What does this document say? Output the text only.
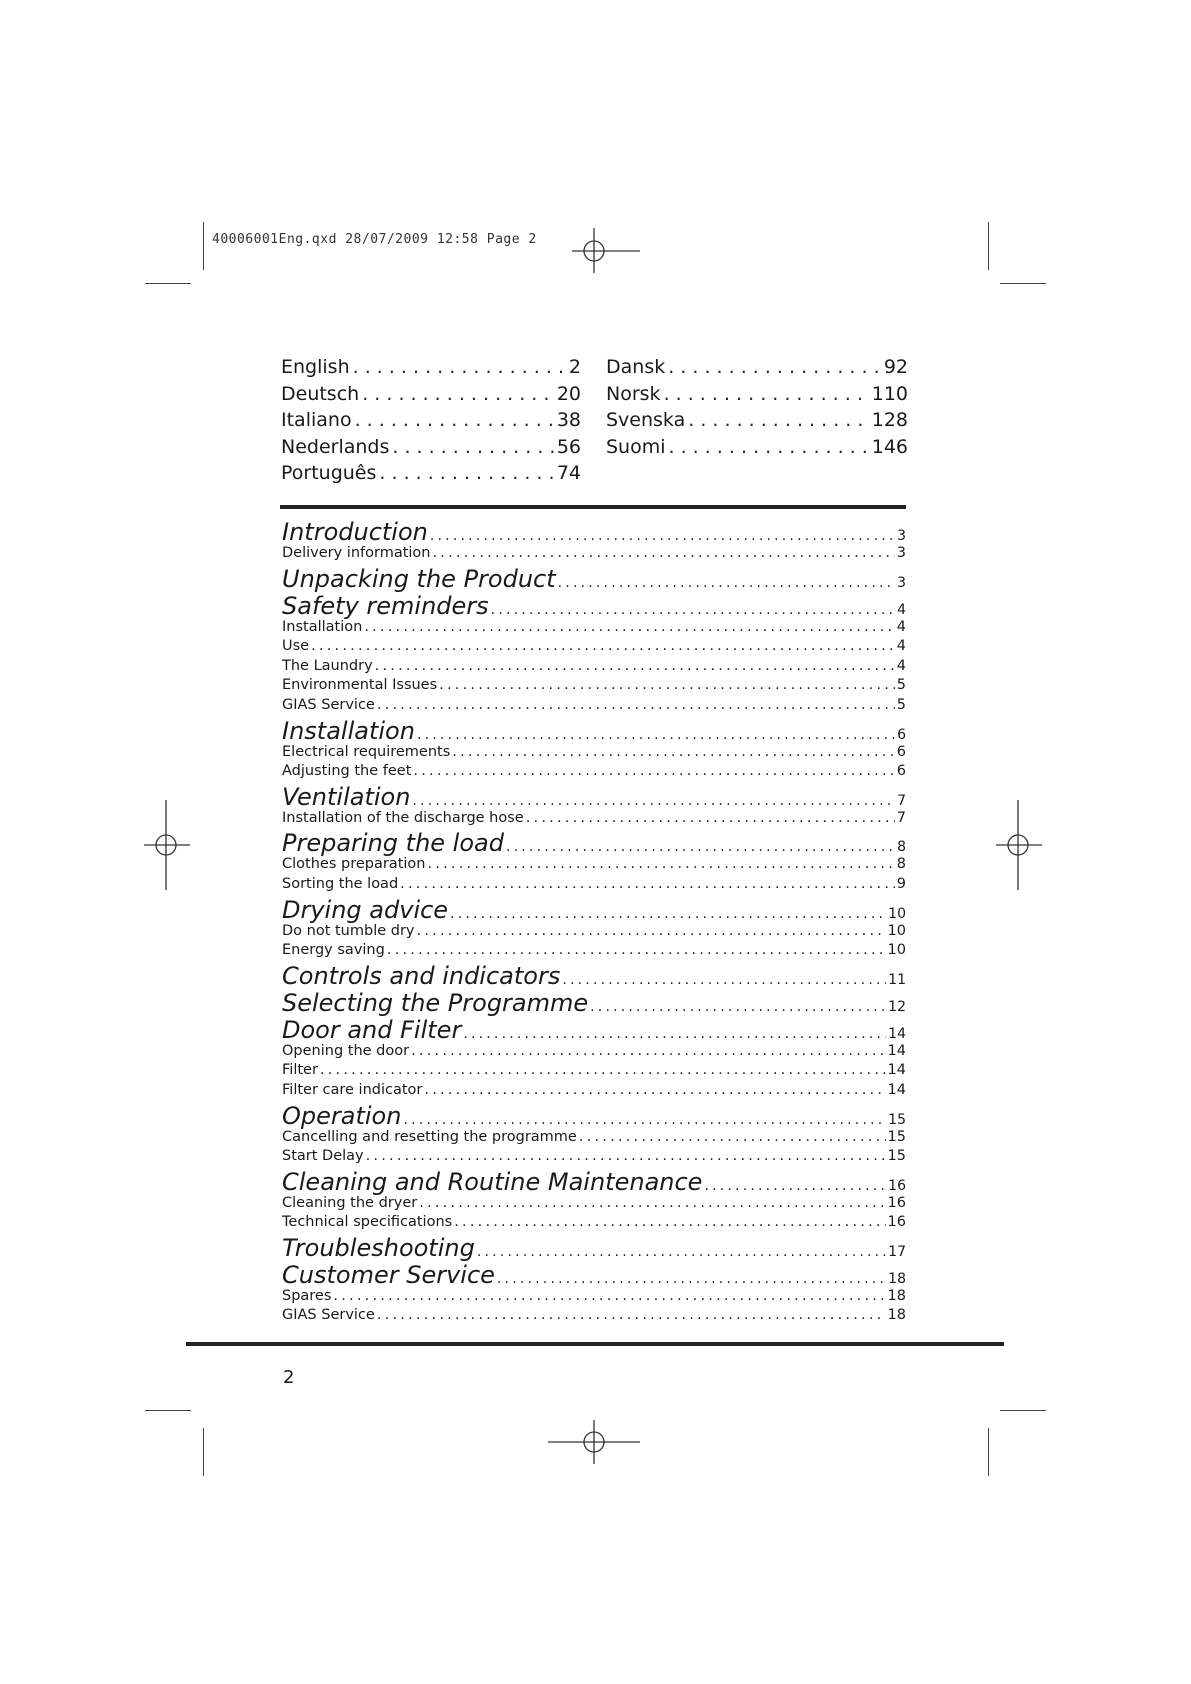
40006001Eng.qxd 28/07/2009 12:58 Page 2
English . . .	2
Deutsch . . .	20
Italiano . . .	38
Nederlands . . .	56
Português . . .	74
Dansk . . .	92
Norsk . . .	110
Svenska . . .	128
Suomi . . .	146
Introduction .....	3
Delivery information .....	3
Unpacking the Product .....	3
Safety reminders .....	4
Installation .....	4
Use .....	4
The Laundry .....	4
Environmental Issues .....	5
GIAS Service .....	5
Installation .....	6
Electrical requirements .....	6
Adjusting the feet .....	6
Ventilation .....	7
Installation of the discharge hose .....	7
Preparing the load .....	8
Clothes preparation .....	8
Sorting the load .....	9
Drying advice .....	10
Do not tumble dry .....	10
Energy saving .....	10
Controls and indicators .....	11
Selecting the Programme .....	12
Door and Filter .....	14
Opening the door .....	14
Filter .....	14
Filter care indicator .....	14
Operation .....	15
Cancelling and resetting the programme .....	15
Start Delay .....	15
Cleaning and Routine Maintenance .....	16
Cleaning the dryer .....	16
Technical specifications .....	16
Troubleshooting .....	17
Customer Service .....	18
Spares .....	18
GIAS Service .....	18
2
